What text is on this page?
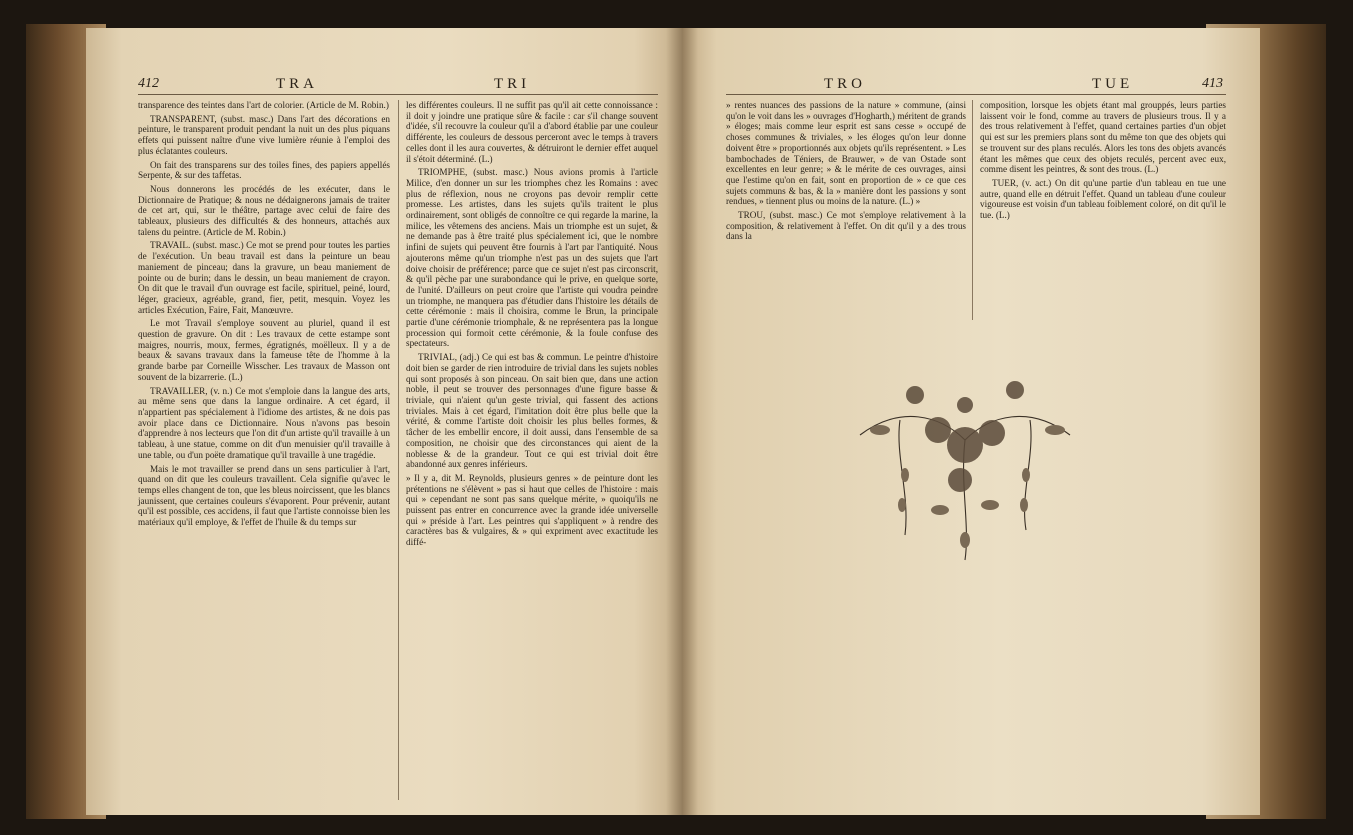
412	TRA	TRI

transparence des teintes dans l'art de colorier. (Article de M. Robin.)

TRANSPARENT, (subst. masc.) Dans l'art des décorations en peinture, le transparent produit pendant la nuit un des plus piquans effets qui puissent naître d'une vive lumière réunie à l'emploi des plus éclatantes couleurs.

On fait des transparens sur des toiles fines, des papiers appellés Serpente, & sur des taffetas.

Nous donnerons les procédés de les exécuter, dans le Dictionnaire de Pratique; & nous ne dédaignerons jamais de traiter de cet art, qui, sur le théâtre, partage avec celui de faire des tableaux, plusieurs des difficultés & des honneurs, attachés aux talens du peintre. (Article de M. Robin.)

TRAVAIL. (subst. masc.) Ce mot se prend pour toutes les parties de l'exécution. Un beau travail est dans la peinture un beau maniement de pinceau; dans la gravure, un beau maniement de pointe ou de burin; dans le dessin, un beau maniement de crayon. On dit que le travail d'un ouvrage est facile, spirituel, peiné, lourd, léger, gracieux, agréable, grand, fier, petit, mesquin. Voyez les articles Exécution, Faire, Fait, Manœuvre.

Le mot Travail s'employe souvent au pluriel, quand il est question de gravure. On dit : Les travaux de cette estampe sont maigres, nourris, moux, fermes, égratignés, moëlleux. Il y a de beaux & savans travaux dans la fameuse tête de l'homme à la grande barbe par Corneille Wisscher. Les travaux de Masson ont souvent de la bizarrerie. (L.)

TRAVAILLER, (v. n.) Ce mot s'emploie dans la langue des arts, au même sens que dans la langue ordinaire. A cet égard, il n'appartient pas spécialement à l'idiome des artistes, & ne dois pas avoir place dans ce Dictionnaire. Nous n'avons pas besoin d'apprendre à nos lecteurs que l'on dit d'un artiste qu'il travaille à un tableau, à une statue, comme on dit d'un menuisier qu'il travaille à une table, ou d'un poëte dramatique qu'il travaille à une tragédie.

Mais le mot travailler se prend dans un sens particulier à l'art, quand on dit que les couleurs travaillent. Cela signifie qu'avec le temps elles changent de ton, que les bleus noircissent, que les blancs jaunissent, que certaines couleurs s'évaporent. Pour prévenir, autant qu'il est possible, ces accidens, il faut que l'artiste connoisse bien les matériaux qu'il employe, & l'effet de l'huile & du temps sur

les différentes couleurs. Il ne suffit pas qu'il ait cette connoissance : il doit y joindre une pratique sûre & facile : car s'il change souvent d'idée, s'il recouvre la couleur qu'il a d'abord établie par une couleur différente, les couleurs de dessous perceront avec le temps à travers celles dont il les aura couvertes, & détruiront le dernier effet auquel il s'étoit déterminé. (L.)

TRIOMPHE, (subst. masc.) Nous avions promis à l'article Milice, d'en donner un sur les triomphes chez les Romains : avec plus de réflexion, nous ne croyons pas devoir remplir cette promesse. Les artistes, dans les sujets qu'ils traitent le plus ordinairement, sont obligés de connoître ce qui regarde la marine, la milice, les vêtemens des anciens. Mais un triomphe est un sujet, & ne demande pas à être traité plus spécialement ici, que le nombre infini de sujets qui peuvent être fournis à l'art par l'antiquité. Nous ajouterons même qu'un triomphe n'est pas un des sujets que l'art doive choisir de préférence; parce que ce sujet n'est pas circonscrit, & qu'il pèche par une surabondance qui le prive, en quelque sorte, de l'unité. D'ailleurs on peut croire que l'artiste qui voudra peindre un triomphe, ne manquera pas d'étudier dans l'histoire les détails de cette cérémonie : mais il choisira, comme le Brun, la principale partie d'une cérémonie triomphale, & ne représentera pas la longue procession qui formoit cette cérémonie, & la foule confuse des spectateurs.

TRIVIAL, (adj.) Ce qui est bas & commun. Le peintre d'histoire doit bien se garder de rien introduire de trivial dans les sujets nobles qui sont proposés à son pinceau. On sait bien que, dans une action noble, il peut se trouver des personnages d'une figure basse & triviale, qui n'aient qu'un geste trivial, qui fassent des actions triviales. Mais à cet égard, l'imitation doit être plus belle que la vérité, & comme l'artiste doit choisir les plus belles formes, & tâcher de les embellir encore, il doit aussi, dans l'ensemble de sa composition, ne choisir que des circonstances qui aient de la noblesse & de la grandeur. Tout ce qui est trivial doit être abandonné aux genres inférieurs.

» Il y a, dit M. Reynolds, plusieurs genres » de peinture dont les prétentions ne s'élèvent » pas si haut que celles de l'histoire : mais qui » cependant ne sont pas sans quelque mérite, » quoiqu'ils ne puissent pas entrer en concurrence avec la grande idée universelle qui » préside à l'art. Les peintres qui s'appliquent » à rendre des caractères bas & vulgaires, & » qui expriment avec exactitude les diffé-

TRO	TUE	413

» rentes nuances des passions de la nature » commune, (ainsi qu'on le voit dans les » ouvrages d'Hogharth,) méritent de grands » éloges; mais comme leur esprit est sans cesse » occupé de choses communes & triviales, » les éloges qu'on leur donne doivent être » proportionnés aux objets qu'ils représentent. » Les bambochades de Téniers, de Brauwer, » de van Ostade sont excellentes en leur genre; » & le mérite de ces ouvrages, ainsi que l'estime qu'on en fait, sont en proportion de » ce que ces sujets communs & bas, & la » manière dont les passions y sont rendues, » tiennent plus ou moins de la nature. (L.) »

TROU, (subst. masc.) Ce mot s'employe relativement à la composition, & relativement à l'effet. On dit qu'il y a des trous dans la

composition, lorsque les objets étant mal grouppés, leurs parties laissent voir le fond, comme au travers de plusieurs trous. Il y a des trous relativement à l'effet, quand certaines parties d'un objet qui est sur les premiers plans sont du même ton que des objets qui se trouvent sur des plans reculés. Alors les tons des objets avancés étant les mêmes que ceux des objets reculés, percent avec eux, comme disent les peintres, & sont des trous. (L.)

TUER, (v. act.) On dit qu'une partie d'un tableau en tue une autre, quand elle en détruit l'effet. Quand un tableau d'une couleur vigoureuse est voisin d'un tableau foiblement coloré, on dit qu'il le tue. (L.)
